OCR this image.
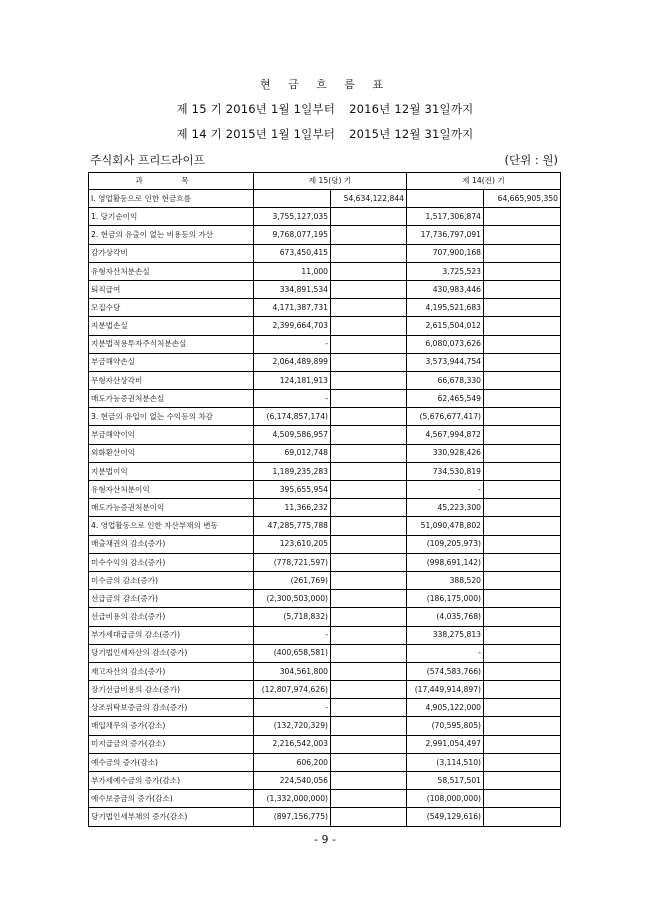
현 금 흐 름 표
제 15 기 2016년 1월 1일부터 2016년 12월 31일까지
제 14 기 2015년 1월 1일부터 2015년 12월 31일까지
주식회사 프리드라이프	(단위 : 원)
과 목	제 15(당) 기		제 14(전) 기	
I. 영업활동으로 인한 현금흐름		54,634,122,844		64,665,905,350
1. 당기순이익	3,755,127,035		1,517,306,874	
2. 현금의 유출이 없는 비용등의 가산	9,768,077,195		17,736,797,091	
감가상각비	673,450,415		707,900,168	
유형자산처분손실	11,000		3,725,523	
퇴직급여	334,891,534		430,983,446	
모집수당	4,171,387,731		4,195,521,683	
지분법손실	2,399,664,703		2,615,504,012	
지분법적용투자주식처분손실	-		6,080,073,626	
부금해약손실	2,064,489,899		3,573,944,754	
무형자산상각비	124,181,913		66,678,330	
매도가능증권처분손실	-		62,465,549	
3. 현금의 유입이 없는 수익등의 차감	(6,174,857,174)		(5,676,677,417)	
부금해약이익	4,509,586,957		4,567,994,872	
외화환산이익	69,012,748		330,928,426	
지분법이익	1,189,235,283		734,530,819	
유형자산처분이익	395,655,954		-	
매도가능증권처분이익	11,366,232		45,223,300	
4. 영업활동으로 인한 자산부채의 변동	47,285,775,788		51,090,478,802	
매출채권의 감소(증가)	123,610,205		(109,205,973)	
미수수익의 감소(증가)	(778,721,597)		(998,691,142)	
미수금의 감소(증가)	(261,769)		388,520	
선급금의 감소(증가)	(2,300,503,000)		(186,175,000)	
선급비용의 감소(증가)	(5,718,832)		(4,035,768)	
부가세대급금의 감소(증가)	-		338,275,813	
당기법인세자산의 감소(증가)	(400,658,581)		-	
재고자산의 감소(증가)	304,561,800		(574,583,766)	
장기선급비용의 감소(증가)	(12,807,974,626)		(17,449,914,897)	
상조위탁보증금의 감소(증가)	-		4,905,122,000	
매입채무의 증가(감소)	(132,720,329)		(70,595,805)	
미지급금의 증가(감소)	2,216,542,003		2,991,054,497	
예수금의 증가(감소)	606,200		(3,114,510)	
부가세예수금의 증가(감소)	224,540,056		58,517,501	
예수보증금의 증가(감소)	(1,332,000,000)		(108,000,000)	
당기법인세부채의 증가(감소)	(897,156,775)		(549,129,616)	
- 9 -
